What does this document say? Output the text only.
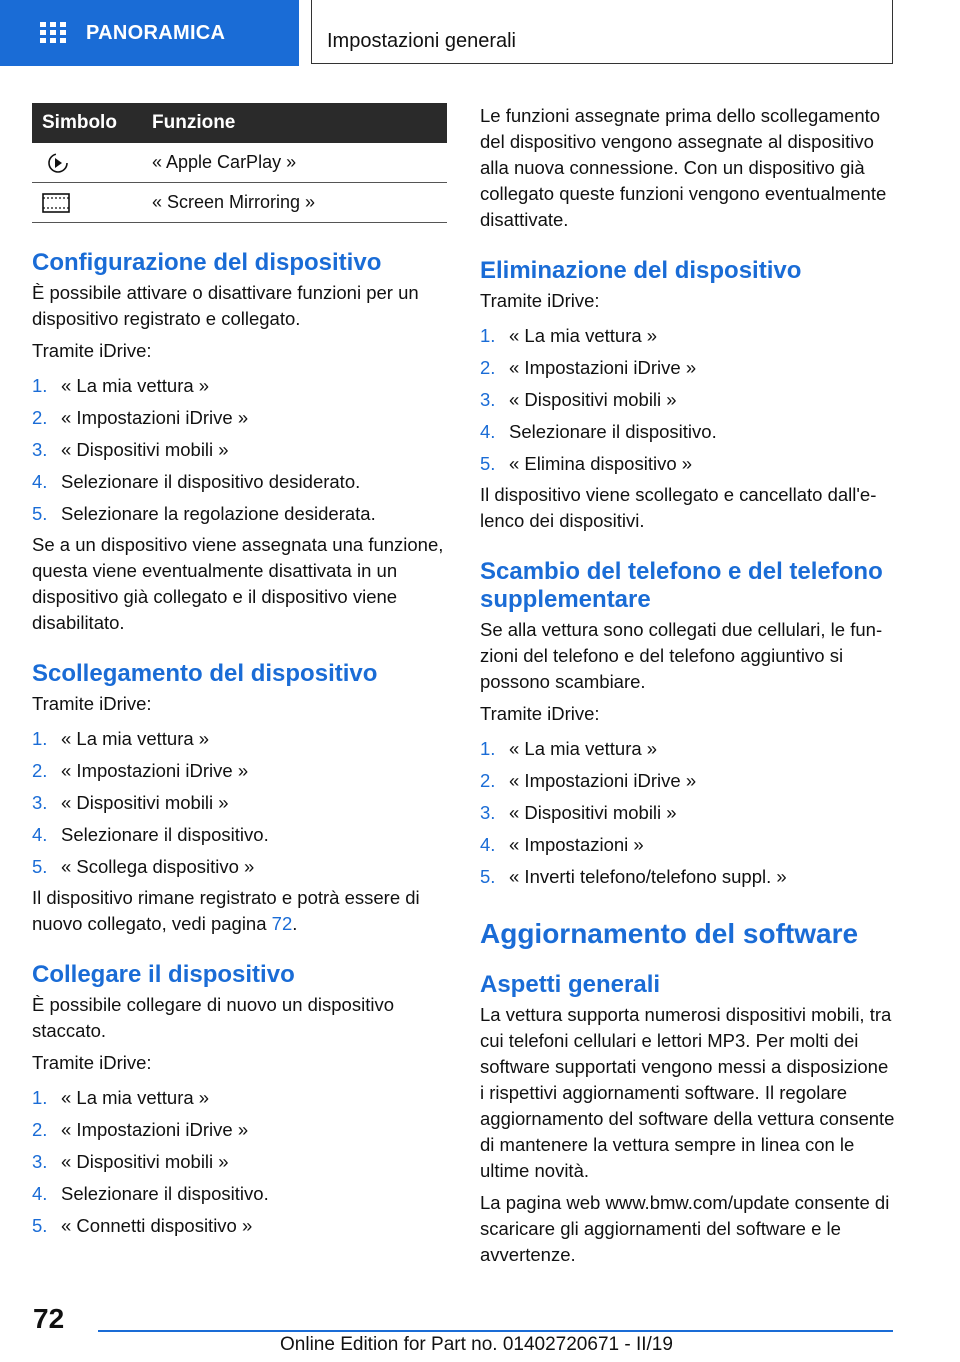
PANORAMICA	Impostazioni generali
Simbolo	Funzione
	« Apple CarPlay »
	« Screen Mirroring »
Configurazione del dispositivo

È possibile attivare o disattivare funzioni per un dispositivo registrato e collegato.

Tramite iDrive:

1. « La mia vettura »
2. « Impostazioni iDrive »
3. « Dispositivi mobili »
4. Selezionare il dispositivo desiderato.
5. Selezionare la regolazione desiderata.

Se a un dispositivo viene assegnata una funzione, questa viene eventualmente disattivata in un dispositivo già collegato e il dispositivo viene disabilitato.

Scollegamento del dispositivo

Tramite iDrive:

1. « La mia vettura »
2. « Impostazioni iDrive »
3. « Dispositivi mobili »
4. Selezionare il dispositivo.
5. « Scollega dispositivo »

Il dispositivo rimane registrato e potrà essere di nuovo collegato, vedi pagina 72.

Collegare il dispositivo

È possibile collegare di nuovo un dispositivo staccato.

Tramite iDrive:

1. « La mia vettura »
2. « Impostazioni iDrive »
3. « Dispositivi mobili »
4. Selezionare il dispositivo.
5. « Connetti dispositivo »

Le funzioni assegnate prima dello scollegamento del dispositivo vengono assegnate al dispositivo alla nuova connessione. Con un dispositivo già collegato queste funzioni vengono eventualmente disattivate.

Eliminazione del dispositivo

Tramite iDrive:

1. « La mia vettura »
2. « Impostazioni iDrive »
3. « Dispositivi mobili »
4. Selezionare il dispositivo.
5. « Elimina dispositivo »

Il dispositivo viene scollegato e cancellato dall'elenco dei dispositivi.

Scambio del telefono e del telefono supplementare

Se alla vettura sono collegati due cellulari, le funzioni del telefono e del telefono aggiuntivo si possono scambiare.

Tramite iDrive:

1. « La mia vettura »
2. « Impostazioni iDrive »
3. « Dispositivi mobili »
4. « Impostazioni »
5. « Inverti telefono/telefono suppl. »
Aggiornamento del software
Aspetti generali

La vettura supporta numerosi dispositivi mobili, tra cui telefoni cellulari e lettori MP3. Per molti dei software supportati vengono messi a disposizione i rispettivi aggiornamenti software. Il regolare aggiornamento del software della vettura consente di mantenere la vettura sempre in linea con le ultime novità.

La pagina web www.bmw.com/update consente di scaricare gli aggiornamenti del software e le avvertenze.

72
Online Edition for Part no. 01402720671 - II/19
